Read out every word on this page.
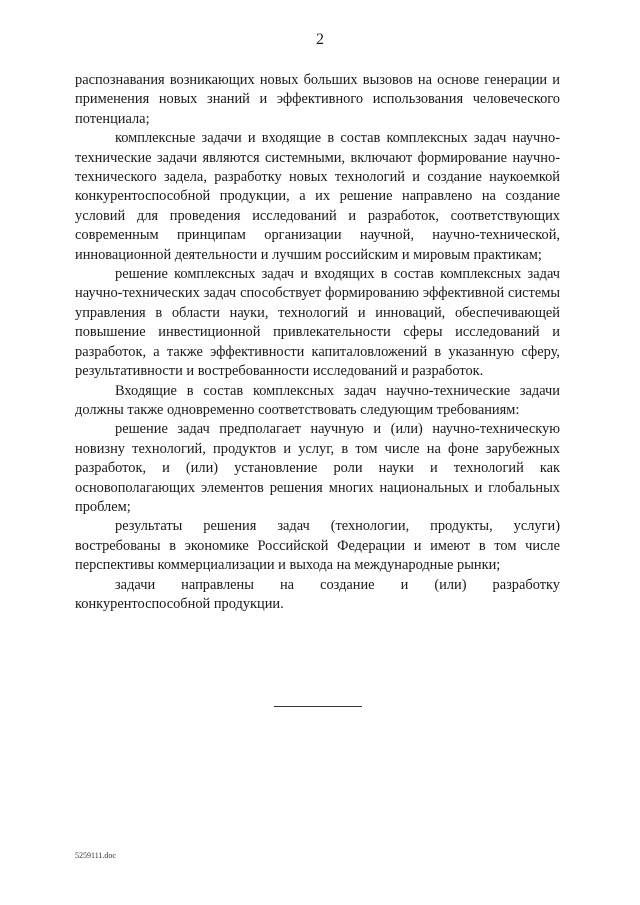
2

распознавания возникающих новых больших вызовов на основе генерации и применения новых знаний и эффективного использования человеческого потенциала;

комплексные задачи и входящие в состав комплексных задач научно-технические задачи являются системными, включают формирование научно-технического задела, разработку новых технологий и создание наукоемкой конкурентоспособной продукции, а их решение направлено на создание условий для проведения исследований и разработок, соответствующих современным принципам организации научной, научно-технической, инновационной деятельности и лучшим российским и мировым практикам;

решение комплексных задач и входящих в состав комплексных задач научно-технических задач способствует формированию эффективной системы управления в области науки, технологий и инноваций, обеспечивающей повышение инвестиционной привлекательности сферы исследований и разработок, а также эффективности капиталовложений в указанную сферу, результативности и востребованности исследований и разработок.

Входящие в состав комплексных задач научно-технические задачи должны также одновременно соответствовать следующим требованиям:

решение задач предполагает научную и (или) научно-техническую новизну технологий, продуктов и услуг, в том числе на фоне зарубежных разработок, и (или) установление роли науки и технологий как основополагающих элементов решения многих национальных и глобальных проблем;

результаты решения задач (технологии, продукты, услуги) востребованы в экономике Российской Федерации и имеют в том числе перспективы коммерциализации и выхода на международные рынки;

задачи направлены на создание и (или) разработку конкурентоспособной продукции.

5259111.doc
